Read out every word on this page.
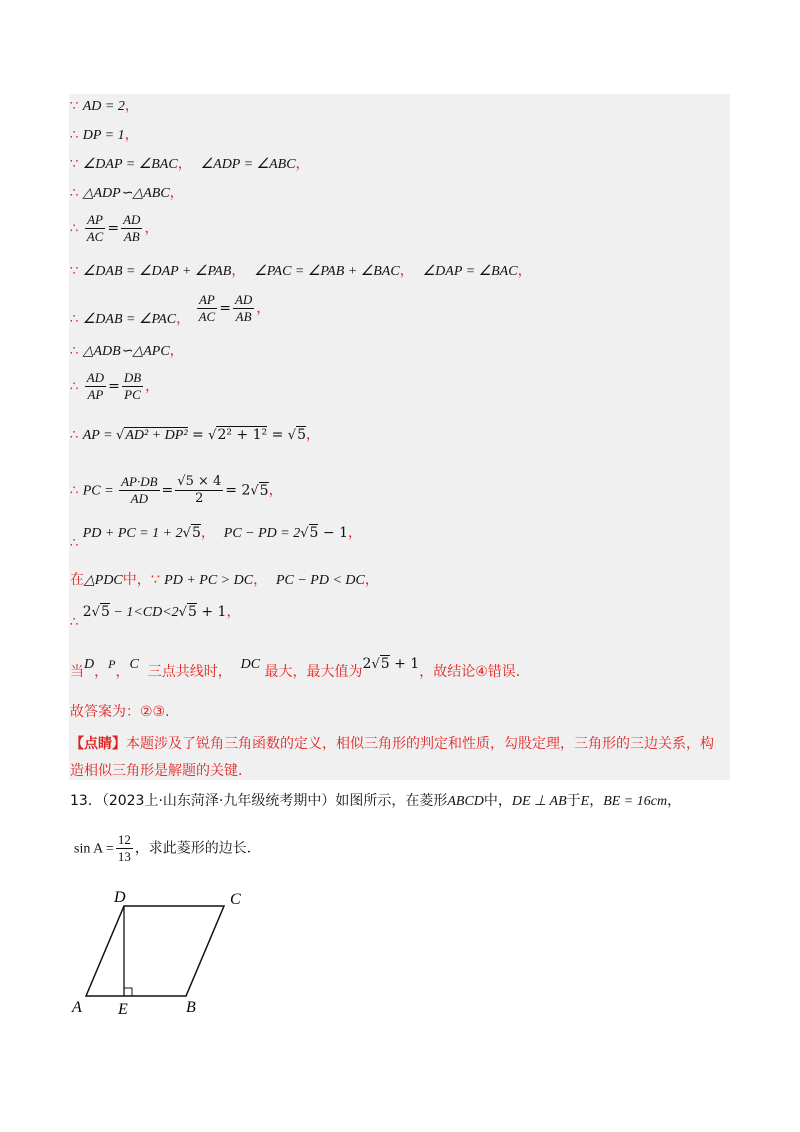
∵ AD = 2，
∴ DP = 1，
∵ ∠DAP = ∠BAC， ∠ADP = ∠ABC，
∴ △ADP∽△ABC，
∴ $\frac{AP}{AC} = \frac{AD}{AB}$ ，
∵ ∠DAB = ∠DAP + ∠PAB， ∠PAC = ∠PAB + ∠BAC， ∠DAP = ∠BAC，
∴ ∠DAB = ∠PAC， $\frac{AP}{AC} = \frac{AD}{AB}$ ，
∴ △ADB∽△APC，
∴ $\frac{AD}{AP} = \frac{DB}{PC}$ ，
∴ AP = √AD² + DP² = √2² + 1² = √5，
∴ PC = $\frac{AP\cdot DB}{AD} = \frac{√5 \times 4}{2} = 2√5$，
∴ PD + PC = 1 + 2√5， PC − PD = 2√5 − 1，
在△PDC中，∵ PD + PC > DC， PC − PD < DC，
∴ 2√5 − 1<CD<2√5 + 1，
当D，P，C 三点共线时， DC 最大，最大值为2√5 + 1，故结论④错误．
故答案为：②③．
【点睛】本题涉及了锐角三角函数的定义，相似三角形的判定和性质，勾股定理，三角形的三边关系，构
造相似三角形是解题的关键．
13．（2023上·山东菏泽·九年级统考期中）如图所示，在菱形ABCD中，DE ⊥ AB于E，BE = 16cm，
$\sin A = \frac{12}{13}$ ，求此菱形的边长．
A E	B
D	C
